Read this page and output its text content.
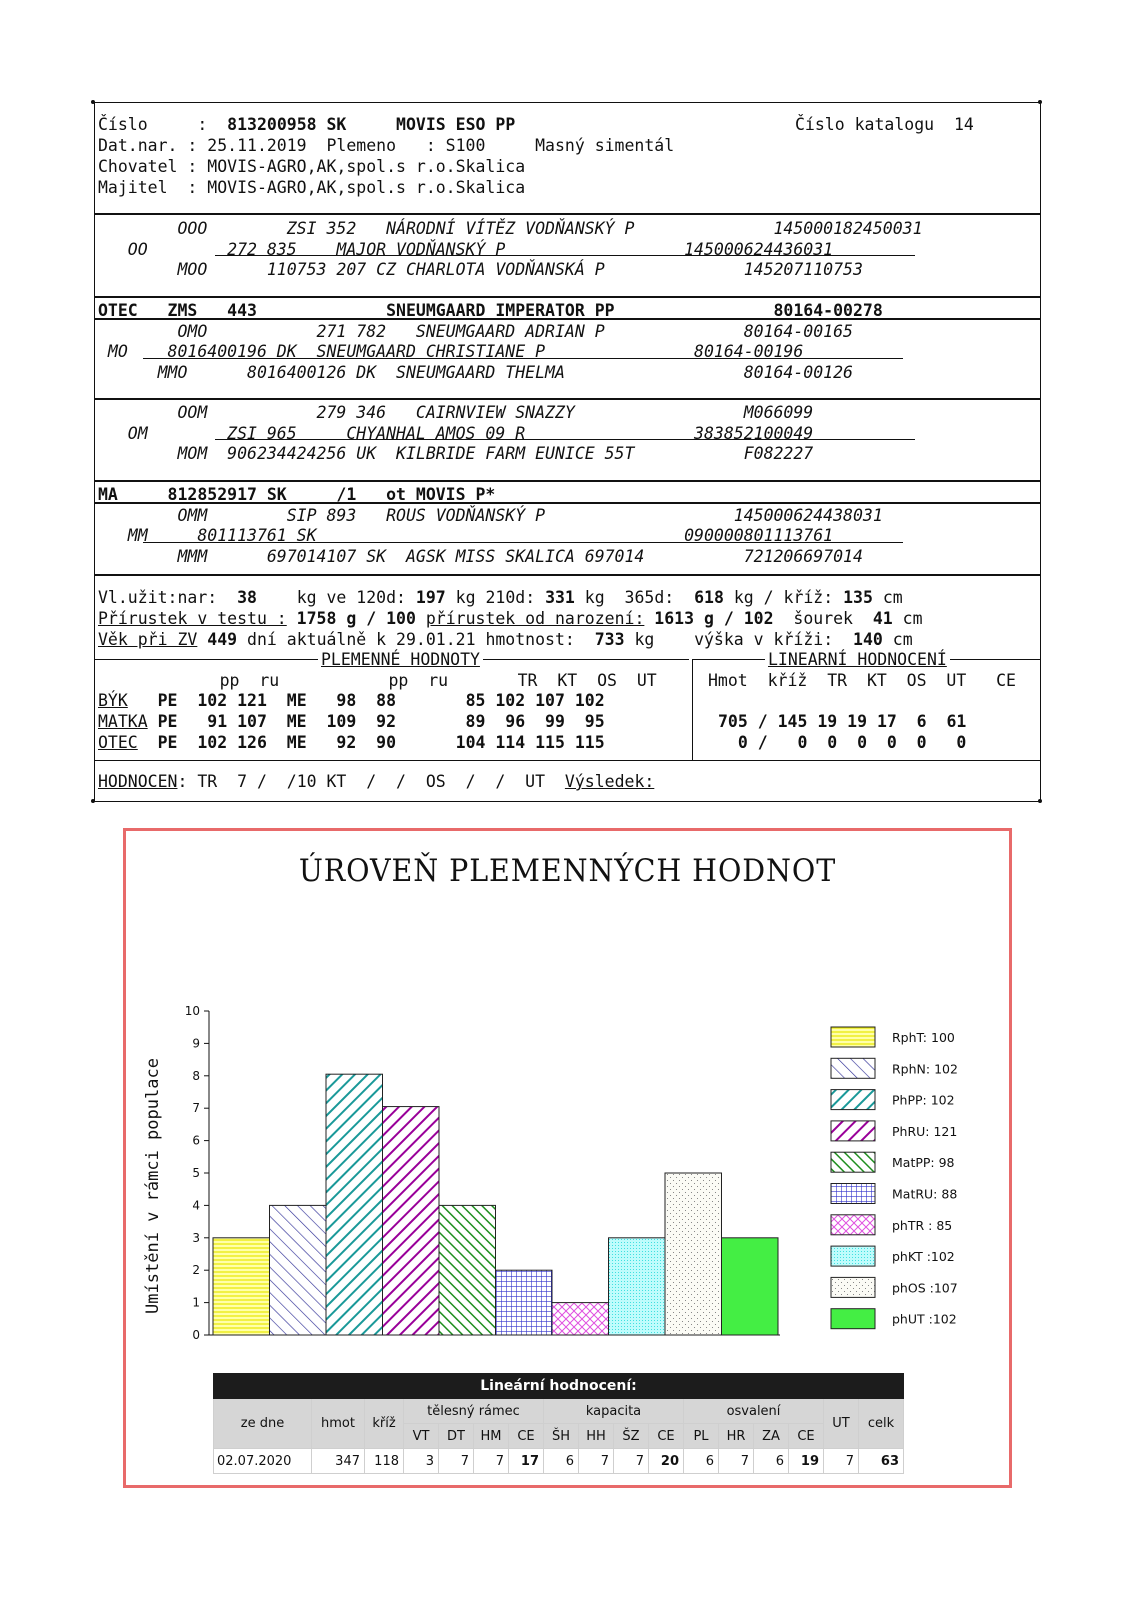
Číslo     : 813200958 SK	MOVIS ESO PP	Číslo katalogu 14
Dat.nar. : 25.11.2019  Plemeno   : S100     Masný simentál
Chovatel : MOVIS-AGRO,AK,spol.s r.o.Skalica
Majitel  : MOVIS-AGRO,AK,spol.s r.o.Skalica
OOO        ZSI 352   NÁRODNÍ VÍTĚZ VODŇANSKÝ P              145000182450031
OO        272 835    MAJOR VODŇANSKÝ P                  145000624436031
MOO      110753 207 CZ CHARLOTA VODŇANSKÁ P              145207110753
OTEC   ZMS   443             SNEUMGAARD IMPERATOR PP                80164-00278
OMO           271 782   SNEUMGAARD ADRIAN P              80164-00165
MO    8016400196 DK  SNEUMGAARD CHRISTIANE P               80164-00196
MMO      8016400126 DK  SNEUMGAARD THELMA                  80164-00126
OOM           279 346   CAIRNVIEW SNAZZY                 M066099
OM        ZSI 965     CHYANHAL AMOS 09 R                 383852100049
MOM  906234424256 UK  KILBRIDE FARM EUNICE 55T           F082227
MA     812852917 SK     /1   ot MOVIS P*
OMM        SIP 893   ROUS VODŇANSKÝ P                   145000624438031
MM     801113761 SK                                     090000801113761
MMM      697014107 SK  AGSK MISS SKALICA 697014          721206697014
Vl.užit:nar:  38    kg ve 120d: 197 kg 210d: 331 kg  365d:  618 kg / kříž: 135 cm
Přírustek v testu : 1758 g / 100 přírustek od narození: 1613 g / 102  šourek  41 cm
Věk při ZV 449 dní aktuálně k 29.01.21 hmotnost:  733 kg    výška v kříži:  140 cm
PLEMENNÉ HODNOTY	LINEARNÍ HODNOCENÍ
pp  ru           pp  ru       TR  KT  OS  UT	Hmot  kříž  TR  KT  OS  UT   CE
BÝK   PE  102 121  ME   98  88       85 102 107 102
MATKA PE   91 107  ME  109  92       89  96  99  95	705 / 145 19 19 17  6  61
OTEC  PE  102 126  ME   92  90      104 114 115 115	0 /   0  0  0  0  0   0
HODNOCEN: TR  7 /  /10 KT  /  /  OS  /  /  UT  Výsledek:
ÚROVEŇ PLEMENNÝCH HODNOT
0
1
2
3
4
5
6
7
8
9
10
RphT: 100
RphN: 102
PhPP: 102
PhRU: 121
MatPP: 98
MatRU: 88
phTR : 85
phKT :102
phOS :107
phUT :102
Umístění v rámci populace
Lineární hodnocení:																
ze dne	hmot	kříž	tělesný rámec				kapacita				osvalení				UT	celk
			VT	DT	HM	CE	ŠH	HH	ŠZ	CE	PL	HR	ZA	CE		
02.07.2020	347	118	3	7	7	17	6	7	7	20	6	7	6	19	7	63
